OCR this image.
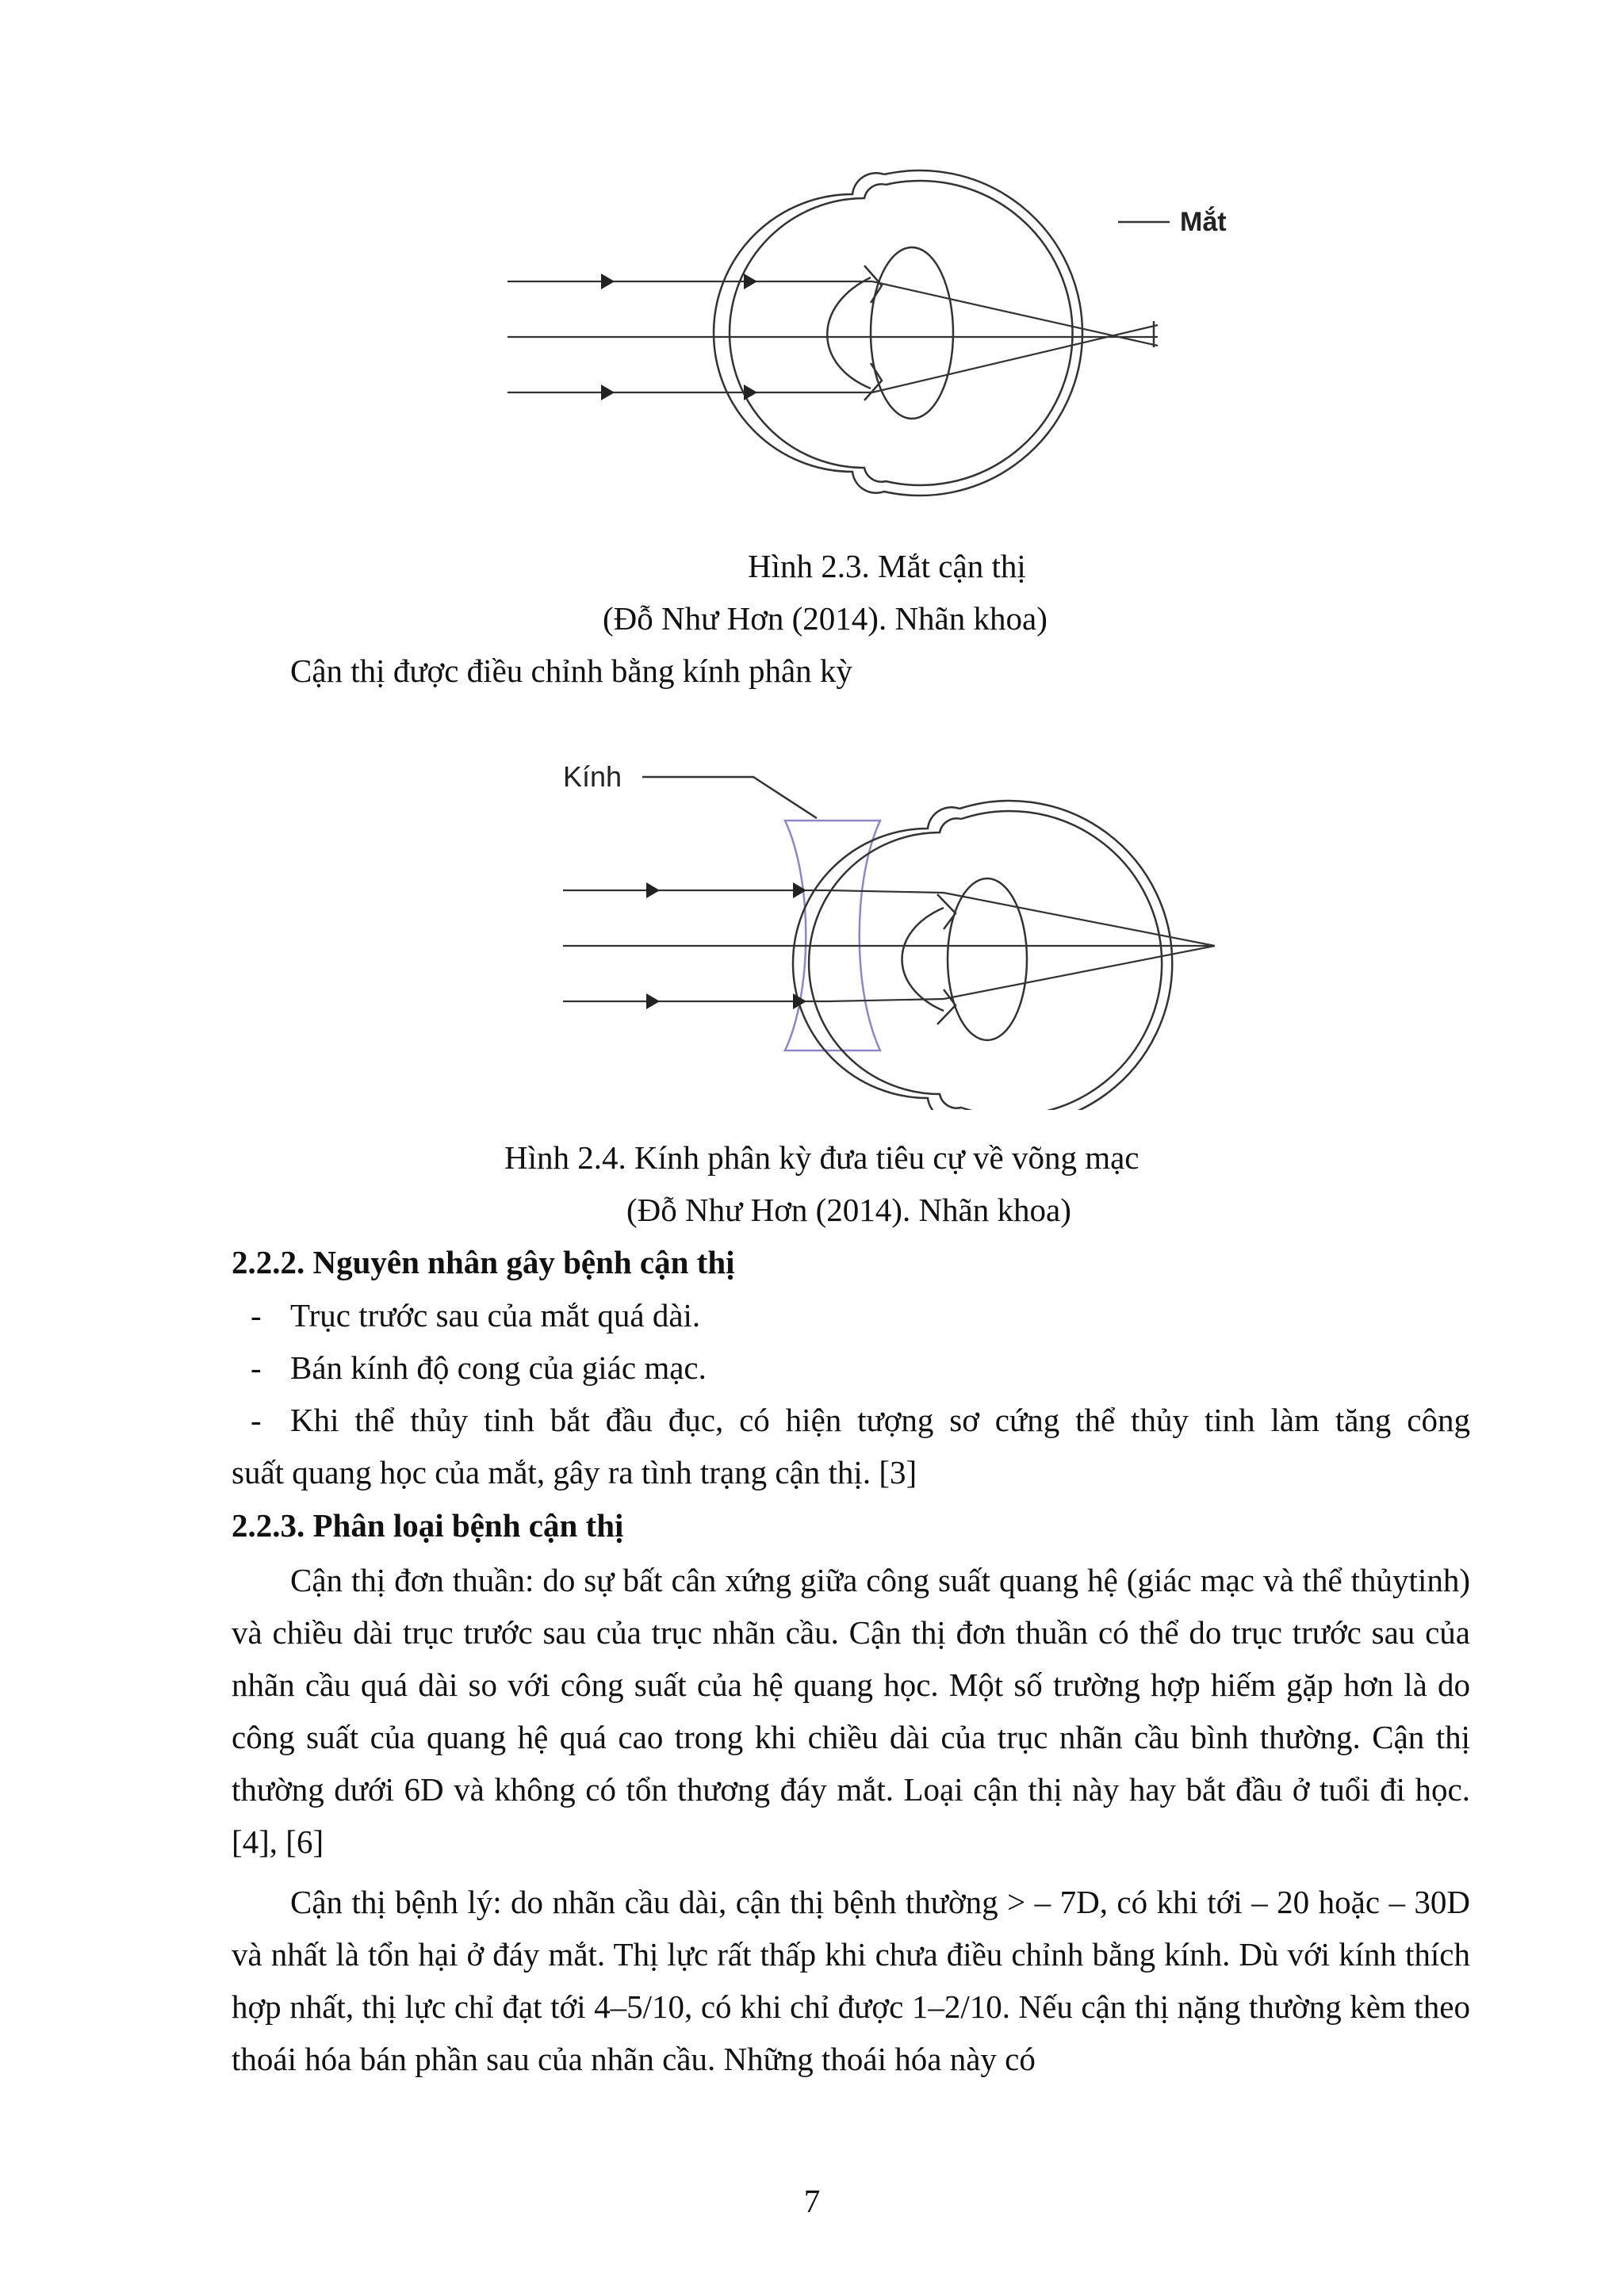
Mắt
Hình 2.3. Mắt cận thị
(Đỗ Như Hơn (2014). Nhãn khoa)
Cận thị được điều chỉnh bằng kính phân kỳ
Kính
Hình 2.4. Kính phân kỳ đưa tiêu cự về võng mạc
(Đỗ Như Hơn (2014). Nhãn khoa)
2.2.2. Nguyên nhân gây bệnh cận thị
- Trục trước sau của mắt quá dài.
- Bán kính độ cong của giác mạc.
- Khi thể thủy tinh bắt đầu đục, có hiện tượng sơ cứng thể thủy tinh làm tăng công
suất quang học của mắt, gây ra tình trạng cận thị. [3]
2.2.3. Phân loại bệnh cận thị
Cận thị đơn thuần: do sự bất cân xứng giữa công suất quang hệ (giác mạc và thể thủytinh) và chiều dài trục trước sau của trục nhãn cầu. Cận thị đơn thuần có thể do trục trước sau của nhãn cầu quá dài so với công suất của hệ quang học. Một số trường hợp hiếm gặp hơn là do công suất của quang hệ quá cao trong khi chiều dài của trục nhãn cầu bình thường. Cận thị thường dưới 6D và không có tổn thương đáy mắt. Loại cận thị này hay bắt đầu ở tuổi đi học. [4], [6]
Cận thị bệnh lý: do nhãn cầu dài, cận thị bệnh thường > – 7D, có khi tới – 20 hoặc – 30D và nhất là tổn hại ở đáy mắt. Thị lực rất thấp khi chưa điều chỉnh bằng kính. Dù với kính thích hợp nhất, thị lực chỉ đạt tới 4–5/10, có khi chỉ được 1–2/10. Nếu cận thị nặng thường kèm theo thoái hóa bán phần sau của nhãn cầu. Những thoái hóa này có
7
